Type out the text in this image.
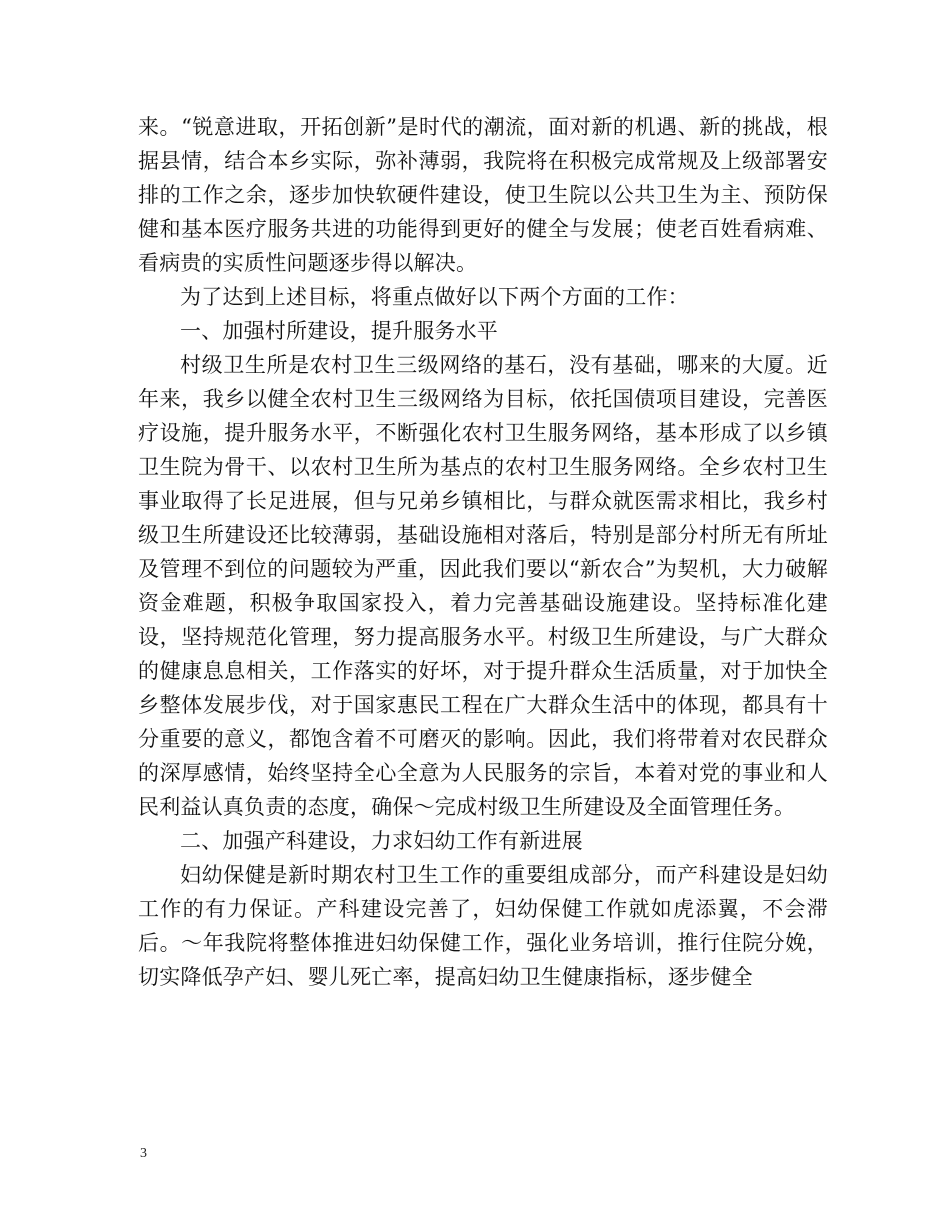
来。“锐意进取，开拓创新”是时代的潮流，面对新的机遇、新的挑战，根据县情，结合本乡实际，弥补薄弱，我院将在积极完成常规及上级部署安排的工作之余，逐步加快软硬件建设，使卫生院以公共卫生为主、预防保健和基本医疗服务共进的功能得到更好的健全与发展；使老百姓看病难、看病贵的实质性问题逐步得以解决。

为了达到上述目标，将重点做好以下两个方面的工作：

一、加强村所建设，提升服务水平

村级卫生所是农村卫生三级网络的基石，没有基础，哪来的大厦。近年来，我乡以健全农村卫生三级网络为目标，依托国债项目建设，完善医疗设施，提升服务水平，不断强化农村卫生服务网络，基本形成了以乡镇卫生院为骨干、以农村卫生所为基点的农村卫生服务网络。全乡农村卫生事业取得了长足进展，但与兄弟乡镇相比，与群众就医需求相比，我乡村级卫生所建设还比较薄弱，基础设施相对落后，特别是部分村所无有所址及管理不到位的问题较为严重，因此我们要以“新农合”为契机，大力破解资金难题，积极争取国家投入，着力完善基础设施建设。坚持标准化建设，坚持规范化管理，努力提高服务水平。村级卫生所建设，与广大群众的健康息息相关，工作落实的好坏，对于提升群众生活质量，对于加快全乡整体发展步伐，对于国家惠民工程在广大群众生活中的体现，都具有十分重要的意义，都饱含着不可磨灭的影响。因此，我们将带着对农民群众的深厚感情，始终坚持全心全意为人民服务的宗旨，本着对党的事业和人民利益认真负责的态度，确保～完成村级卫生所建设及全面管理任务。

二、加强产科建设，力求妇幼工作有新进展

妇幼保健是新时期农村卫生工作的重要组成部分，而产科建设是妇幼工作的有力保证。产科建设完善了，妇幼保健工作就如虎添翼，不会滞后。～年我院将整体推进妇幼保健工作，强化业务培训，推行住院分娩，切实降低孕产妇、婴儿死亡率，提高妇幼卫生健康指标，逐步健全

3
